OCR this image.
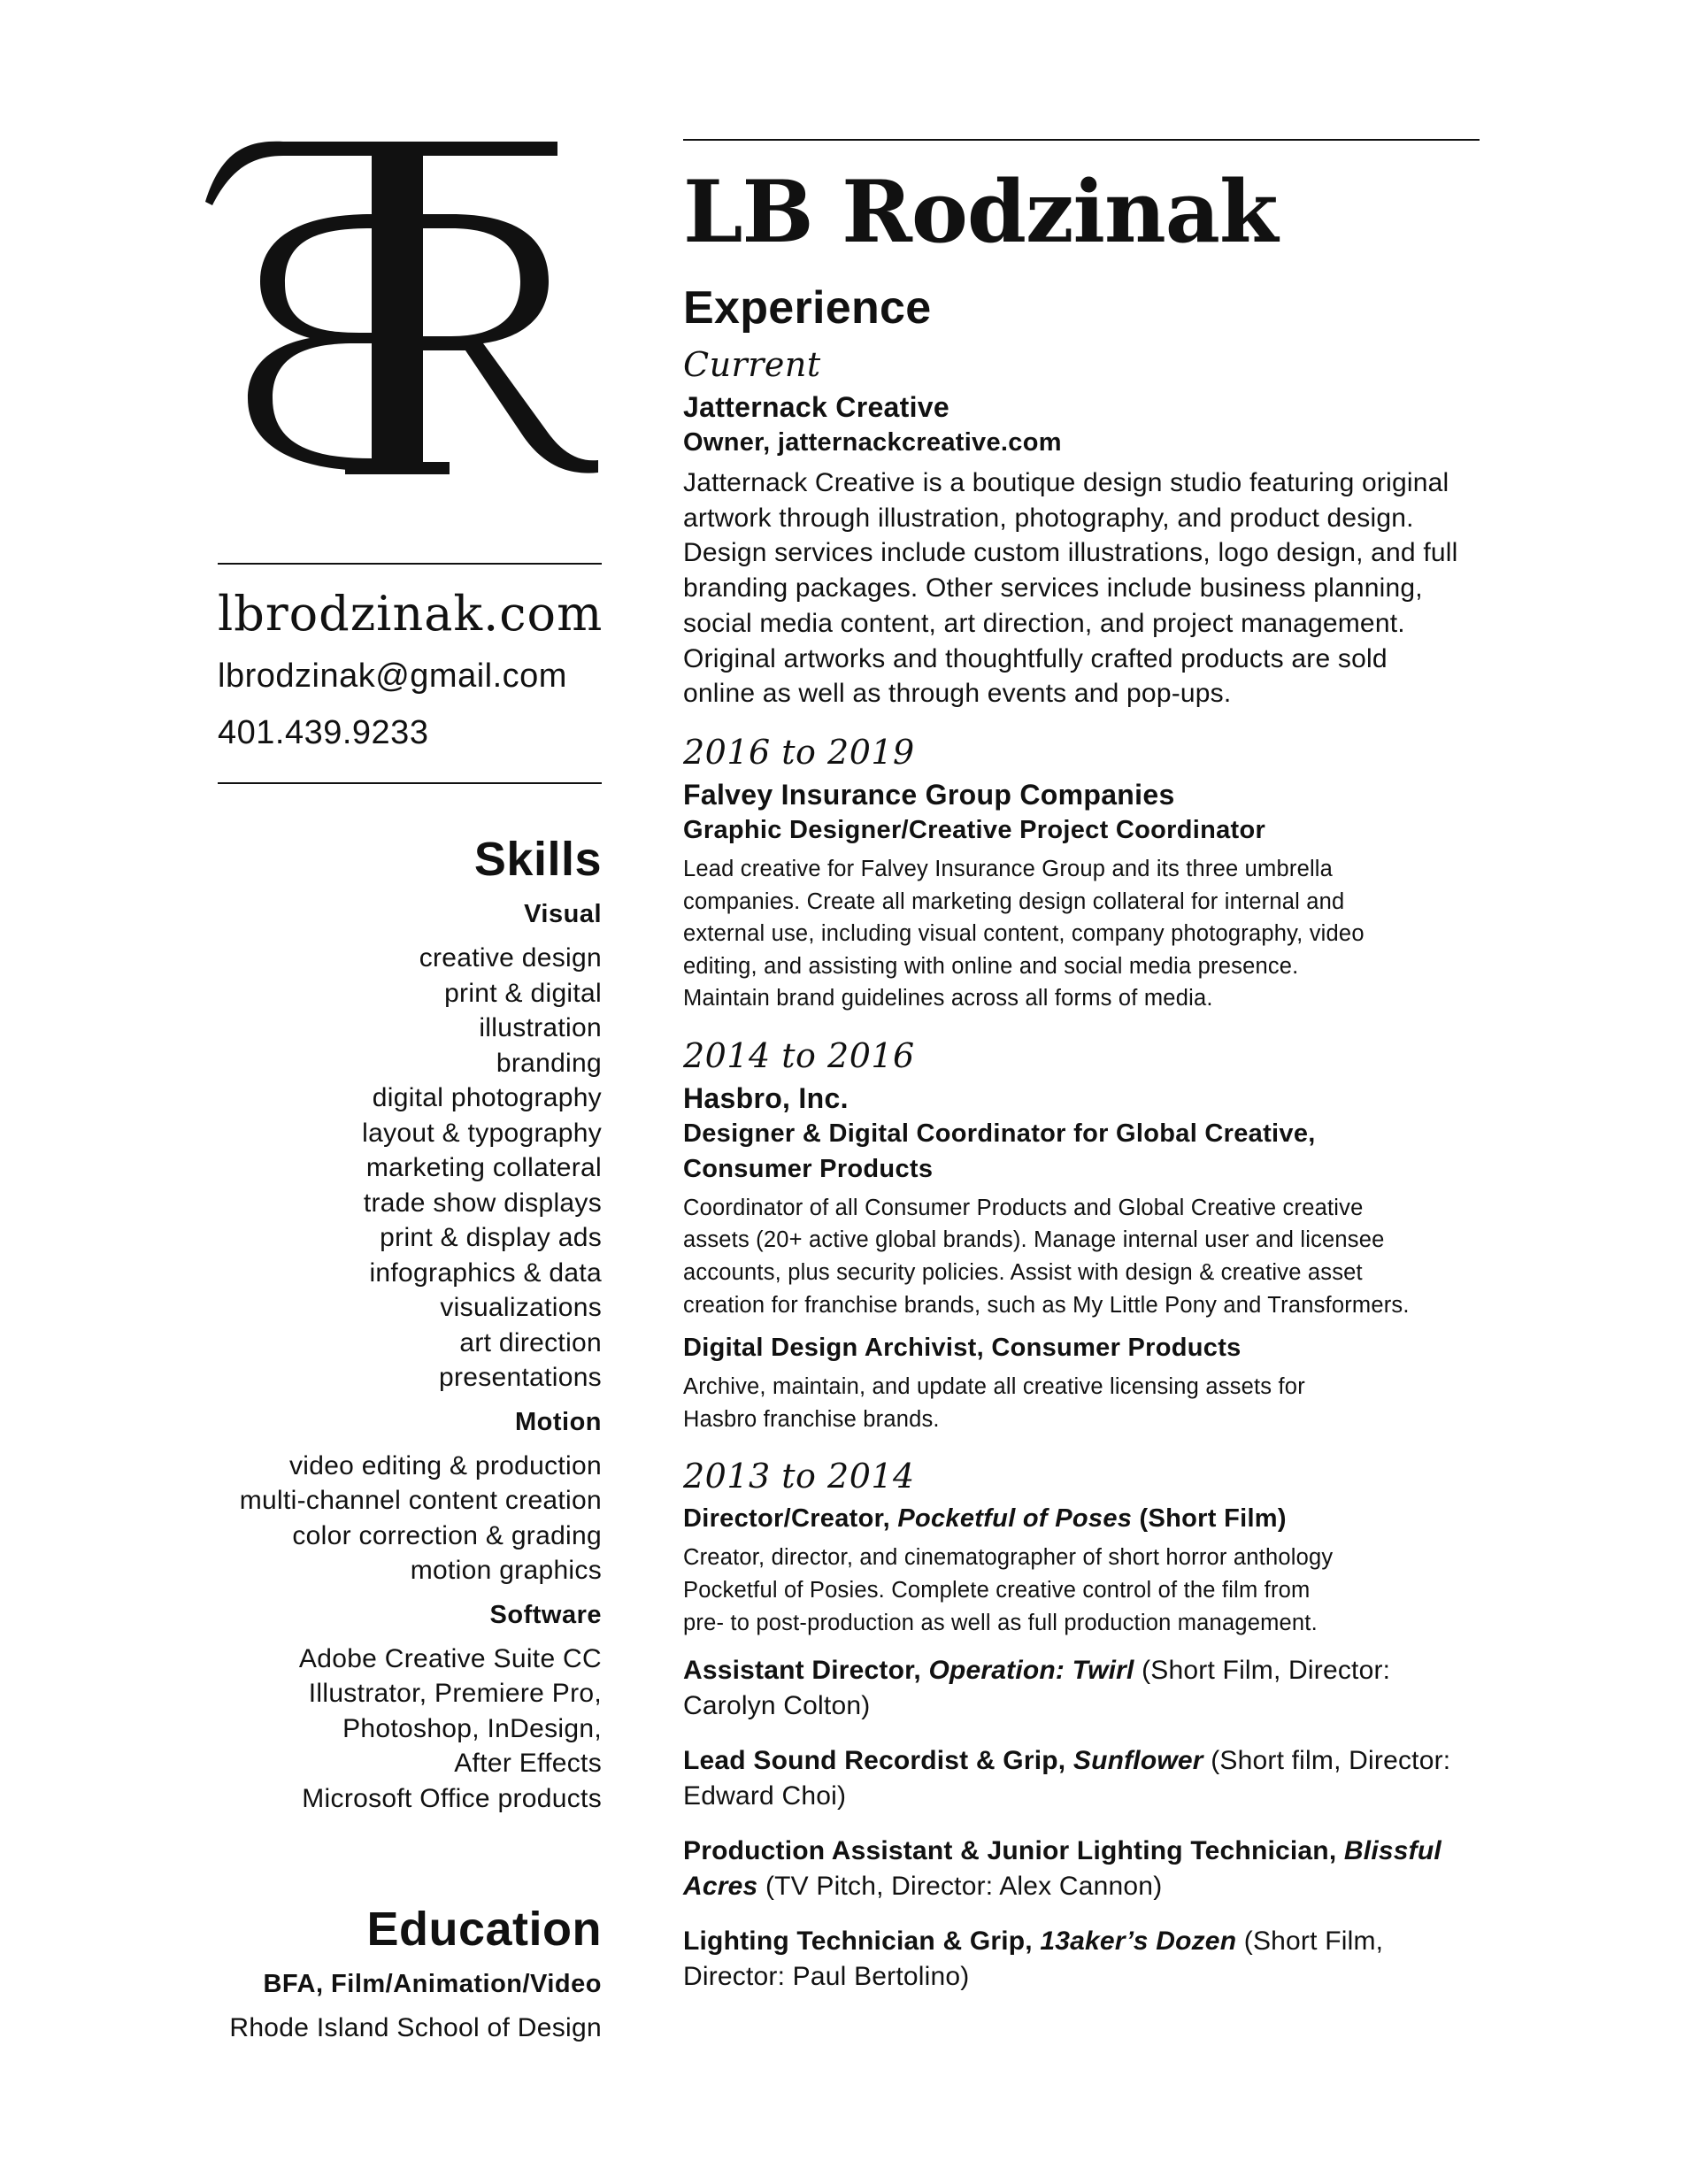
lbrodzinak.com
lbrodzinak@gmail.com
401.439.9233
Skills
Visual
creative design
print & digital
illustration
branding
digital photography
layout & typography
marketing collateral
trade show displays
print & display ads
infographics & data
visualizations
art direction
presentations
Motion
video editing & production
multi-channel content creation
color correction & grading
motion graphics
Software
Adobe Creative Suite CC
Illustrator, Premiere Pro,
Photoshop, InDesign,
After Effects
Microsoft Office products
Education
BFA, Film/Animation/Video
Rhode Island School of Design
LB Rodzinak
Experience
Current
Jatternack Creative
Owner, jatternackcreative.com
Jatternack Creative is a boutique design studio featuring original
artwork through illustration, photography, and product design.
Design services include custom illustrations, logo design, and full
branding packages. Other services include business planning,
social media content, art direction, and project management.
Original artworks and thoughtfully crafted products are sold
online as well as through events and pop-ups.
2016 to 2019
Falvey Insurance Group Companies
Graphic Designer/Creative Project Coordinator
Lead creative for Falvey Insurance Group and its three umbrella
companies. Create all marketing design collateral for internal and
external use, including visual content, company photography, video
editing, and assisting with online and social media presence.
Maintain brand guidelines across all forms of media.
2014 to 2016
Hasbro, Inc.
Designer & Digital Coordinator for Global Creative,
Consumer Products
Coordinator of all Consumer Products and Global Creative creative
assets (20+ active global brands). Manage internal user and licensee
accounts, plus security policies. Assist with design & creative asset
creation for franchise brands, such as My Little Pony and Transformers.
Digital Design Archivist, Consumer Products
Archive, maintain, and update all creative licensing assets for
Hasbro franchise brands.
2013 to 2014
Director/Creator, Pocketful of Poses (Short Film)
Creator, director, and cinematographer of short horror anthology
Pocketful of Posies. Complete creative control of the film from
pre- to post-production as well as full production management.
Assistant Director, Operation: Twirl (Short Film, Director:
Carolyn Colton)
Lead Sound Recordist & Grip, Sunflower (Short film, Director:
Edward Choi)
Production Assistant & Junior Lighting Technician, Blissful
Acres (TV Pitch, Director: Alex Cannon)
Lighting Technician & Grip, 13aker’s Dozen (Short Film,
Director: Paul Bertolino)
